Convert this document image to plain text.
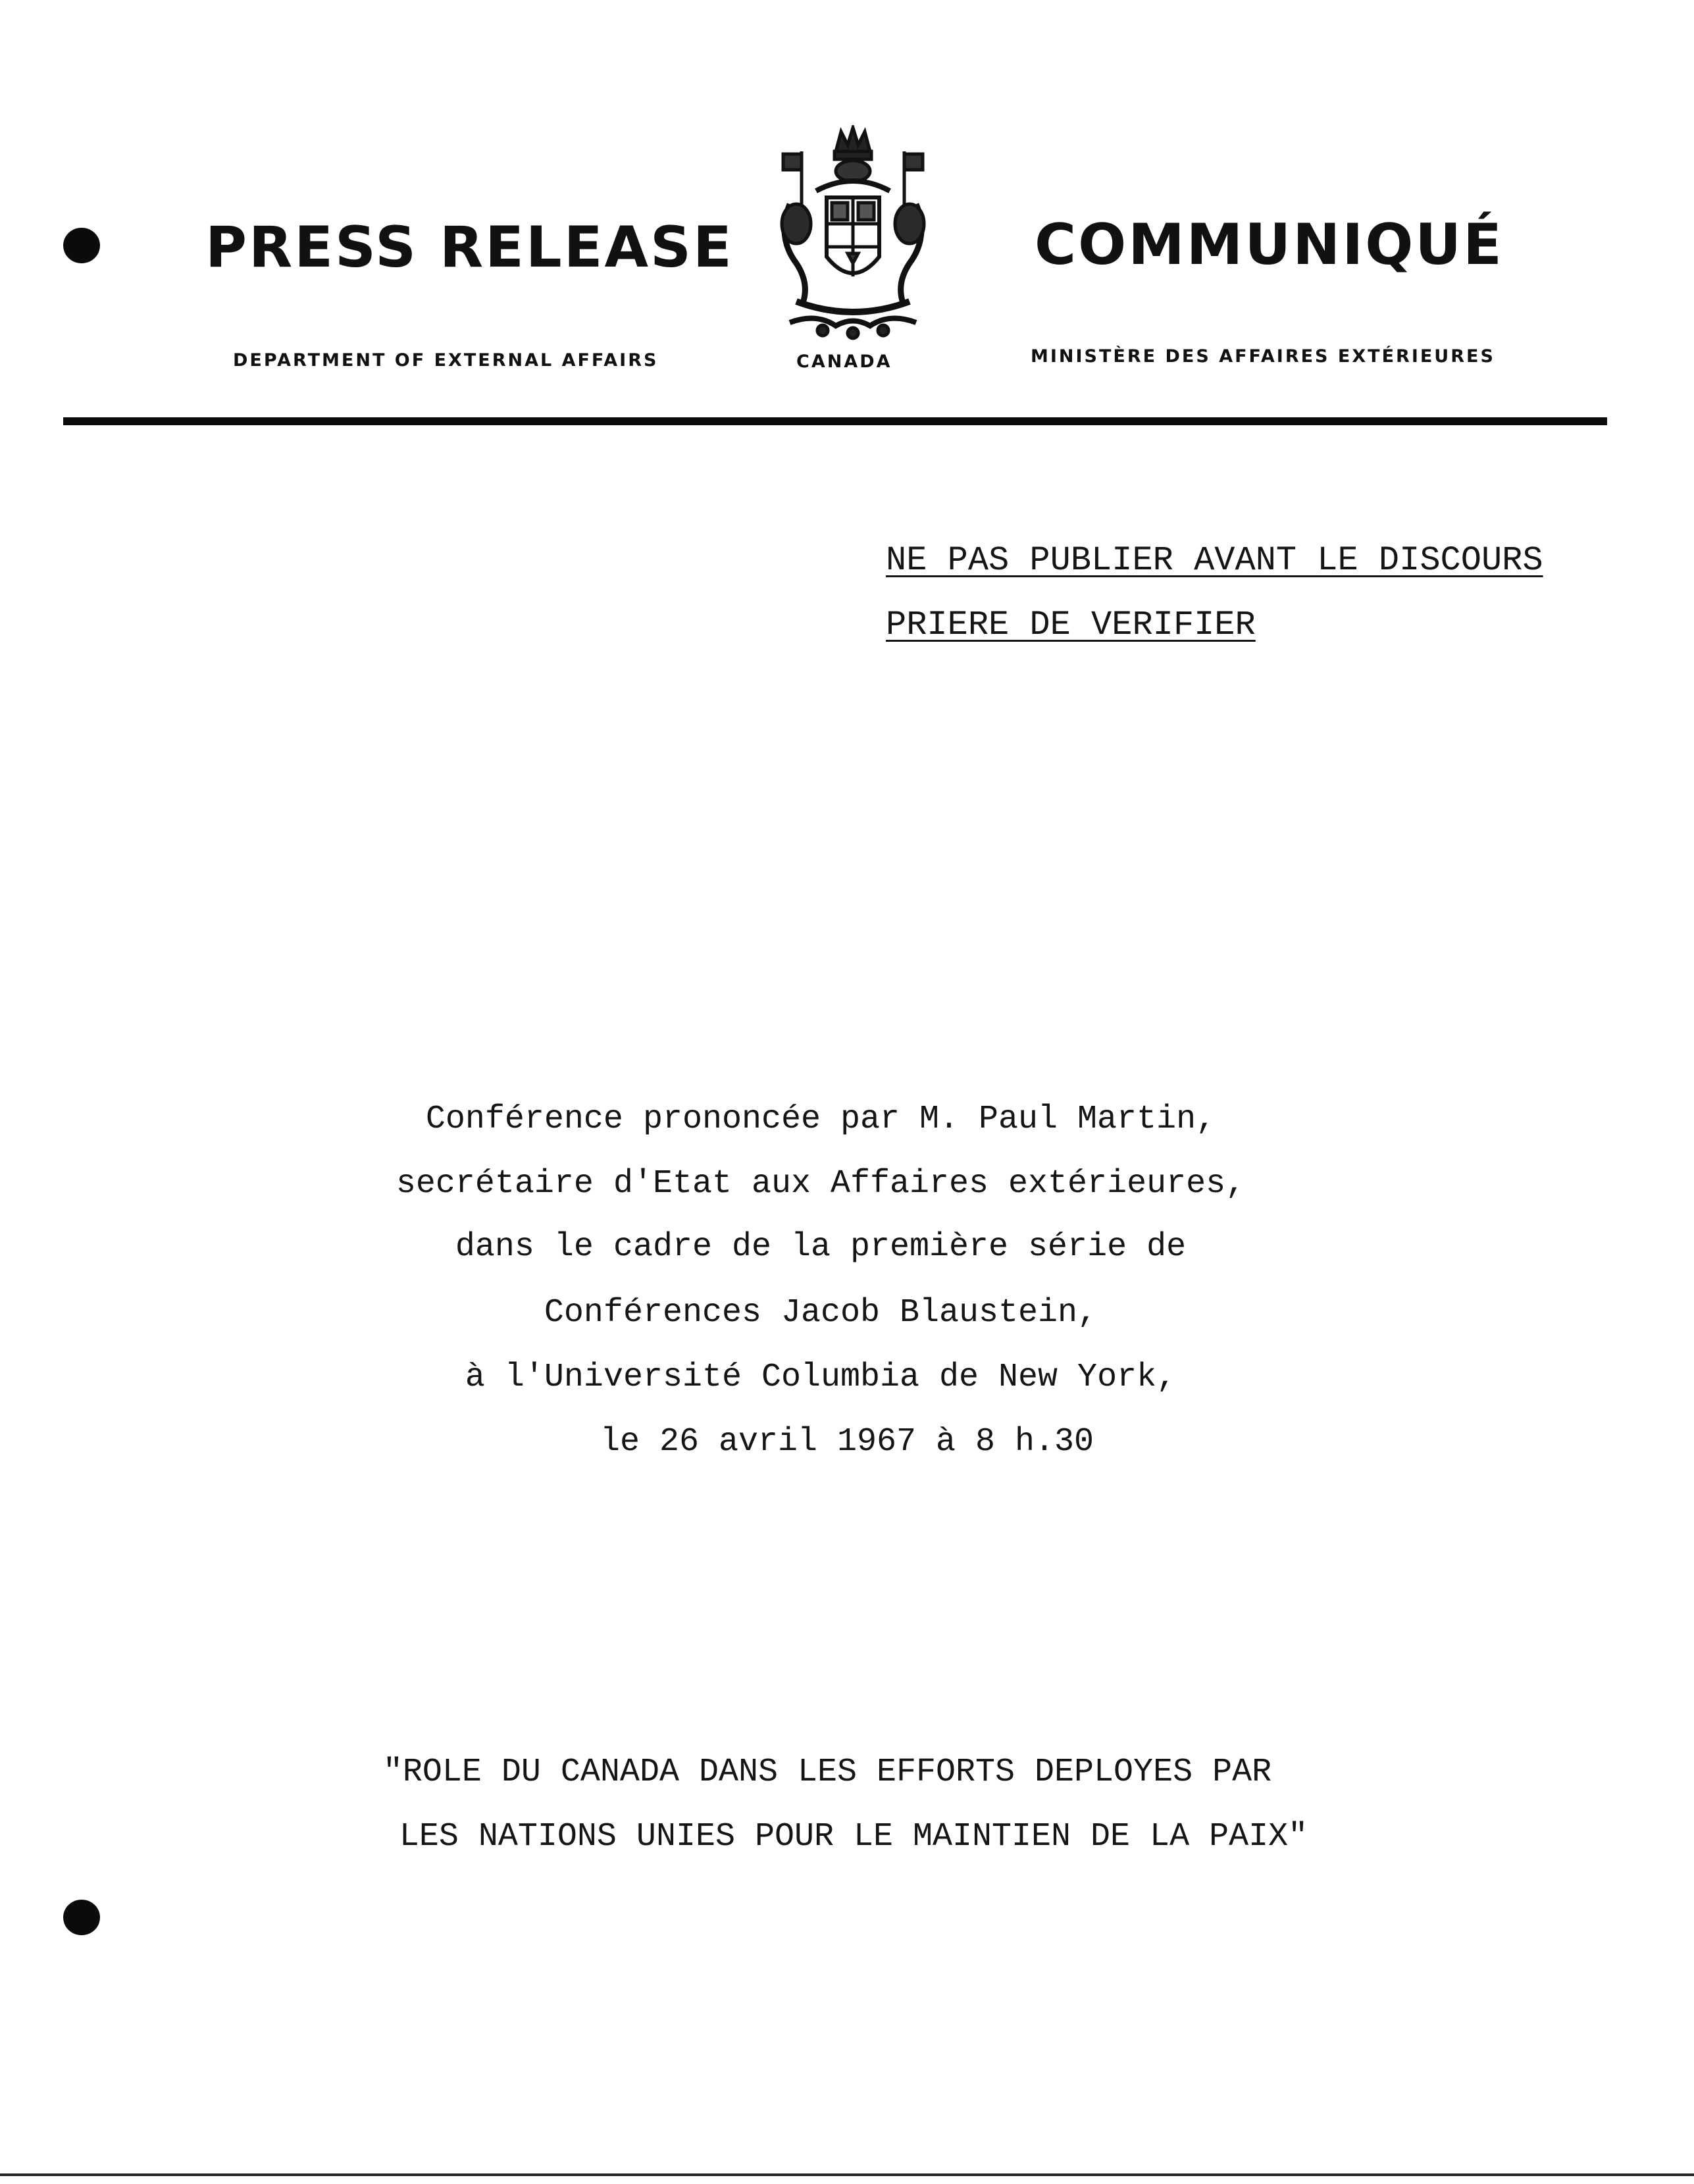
PRESS RELEASE	COMMUNIQUÉ
DEPARTMENT OF EXTERNAL AFFAIRS	CANADA	MINISTÈRE DES AFFAIRES EXTÉRIEURES
NE PAS PUBLIER AVANT LE DISCOURS
PRIERE DE VERIFIER
Conférence prononcée par M. Paul Martin,
secrétaire d'Etat aux Affaires extérieures,
dans le cadre de la première série de
Conférences Jacob Blaustein,
à l'Université Columbia de New York,
le 26 avril 1967 à 8 h.30
"ROLE DU CANADA DANS LES EFFORTS DEPLOYES PAR
LES NATIONS UNIES POUR LE MAINTIEN DE LA PAIX"
